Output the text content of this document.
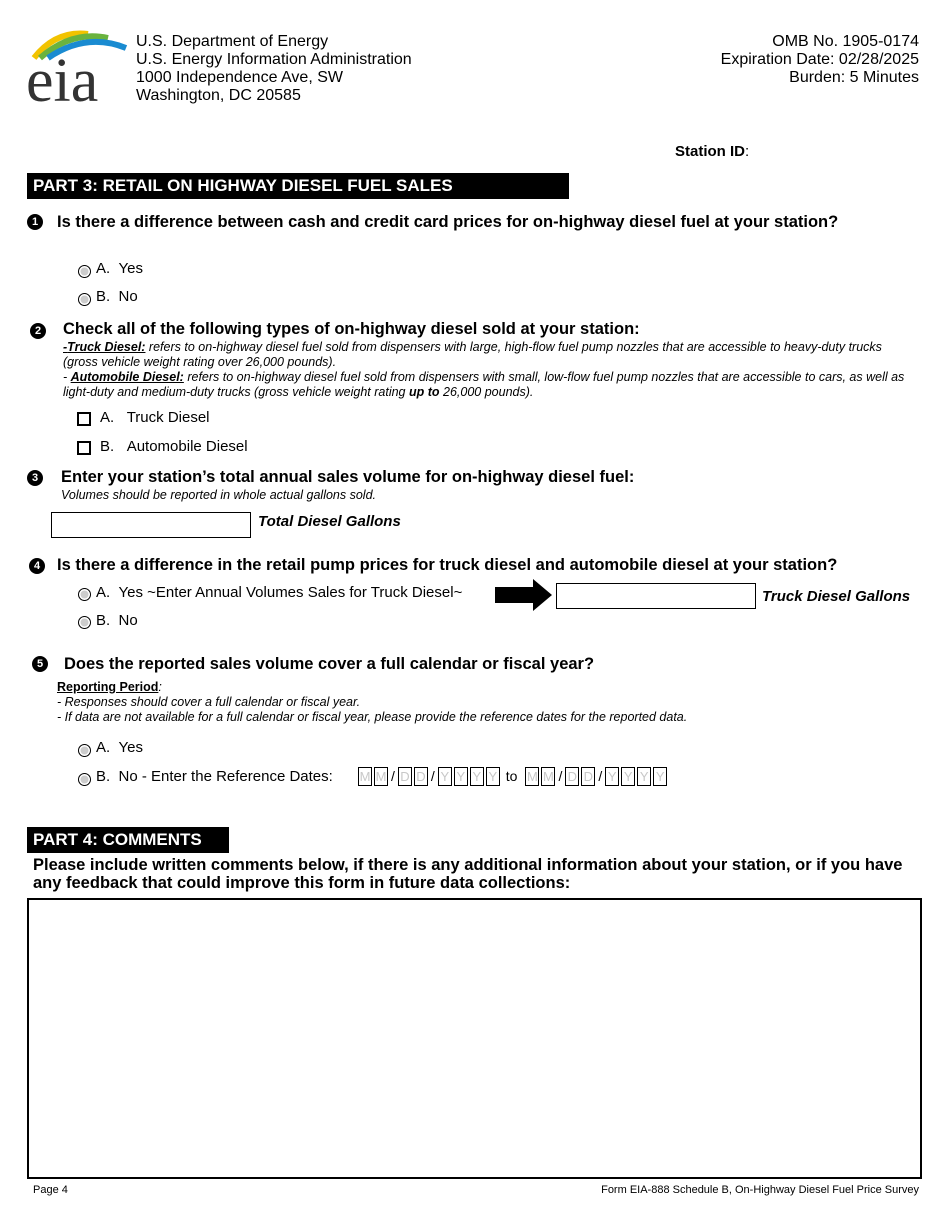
eia
U.S. Department of Energy
U.S. Energy Information Administration
1000 Independence Ave, SW
Washington, DC 20585
OMB No. 1905-0174
Expiration Date: 02/28/2025
Burden: 5 Minutes
Station ID:
PART 3: RETAIL ON HIGHWAY DIESEL FUEL SALES
1 Is there a difference between cash and credit card prices for on-highway diesel fuel at your station?
A. Yes
B. No
2 Check all of the following types of on-highway diesel sold at your station:
-Truck Diesel: refers to on-highway diesel fuel sold from dispensers with large, high-flow fuel pump nozzles that are accessible to heavy-duty trucks (gross vehicle weight rating over 26,000 pounds).
- Automobile Diesel: refers to on-highway diesel fuel sold from dispensers with small, low-flow fuel pump nozzles that are accessible to cars, as well as light-duty and medium-duty trucks (gross vehicle weight rating up to 26,000 pounds).
A. Truck Diesel
B. Automobile Diesel
3 Enter your station’s total annual sales volume for on-highway diesel fuel:
Volumes should be reported in whole actual gallons sold.
Total Diesel Gallons
4 Is there a difference in the retail pump prices for truck diesel and automobile diesel at your station?
A. Yes ~Enter Annual Volumes Sales for Truck Diesel~	Truck Diesel Gallons
B. No
5 Does the reported sales volume cover a full calendar or fiscal year?
Reporting Period:
- Responses should cover a full calendar or fiscal year.
- If data are not available for a full calendar or fiscal year, please provide the reference dates for the reported data.
A. Yes
B. No - Enter the Reference Dates: M M / D D / Y Y Y Y to M M / D D / Y Y Y Y
PART 4: COMMENTS
Please include written comments below, if there is any additional information about your station, or if you have any feedback that could improve this form in future data collections:
Page 4	Form EIA-888 Schedule B, On-Highway Diesel Fuel Price Survey
